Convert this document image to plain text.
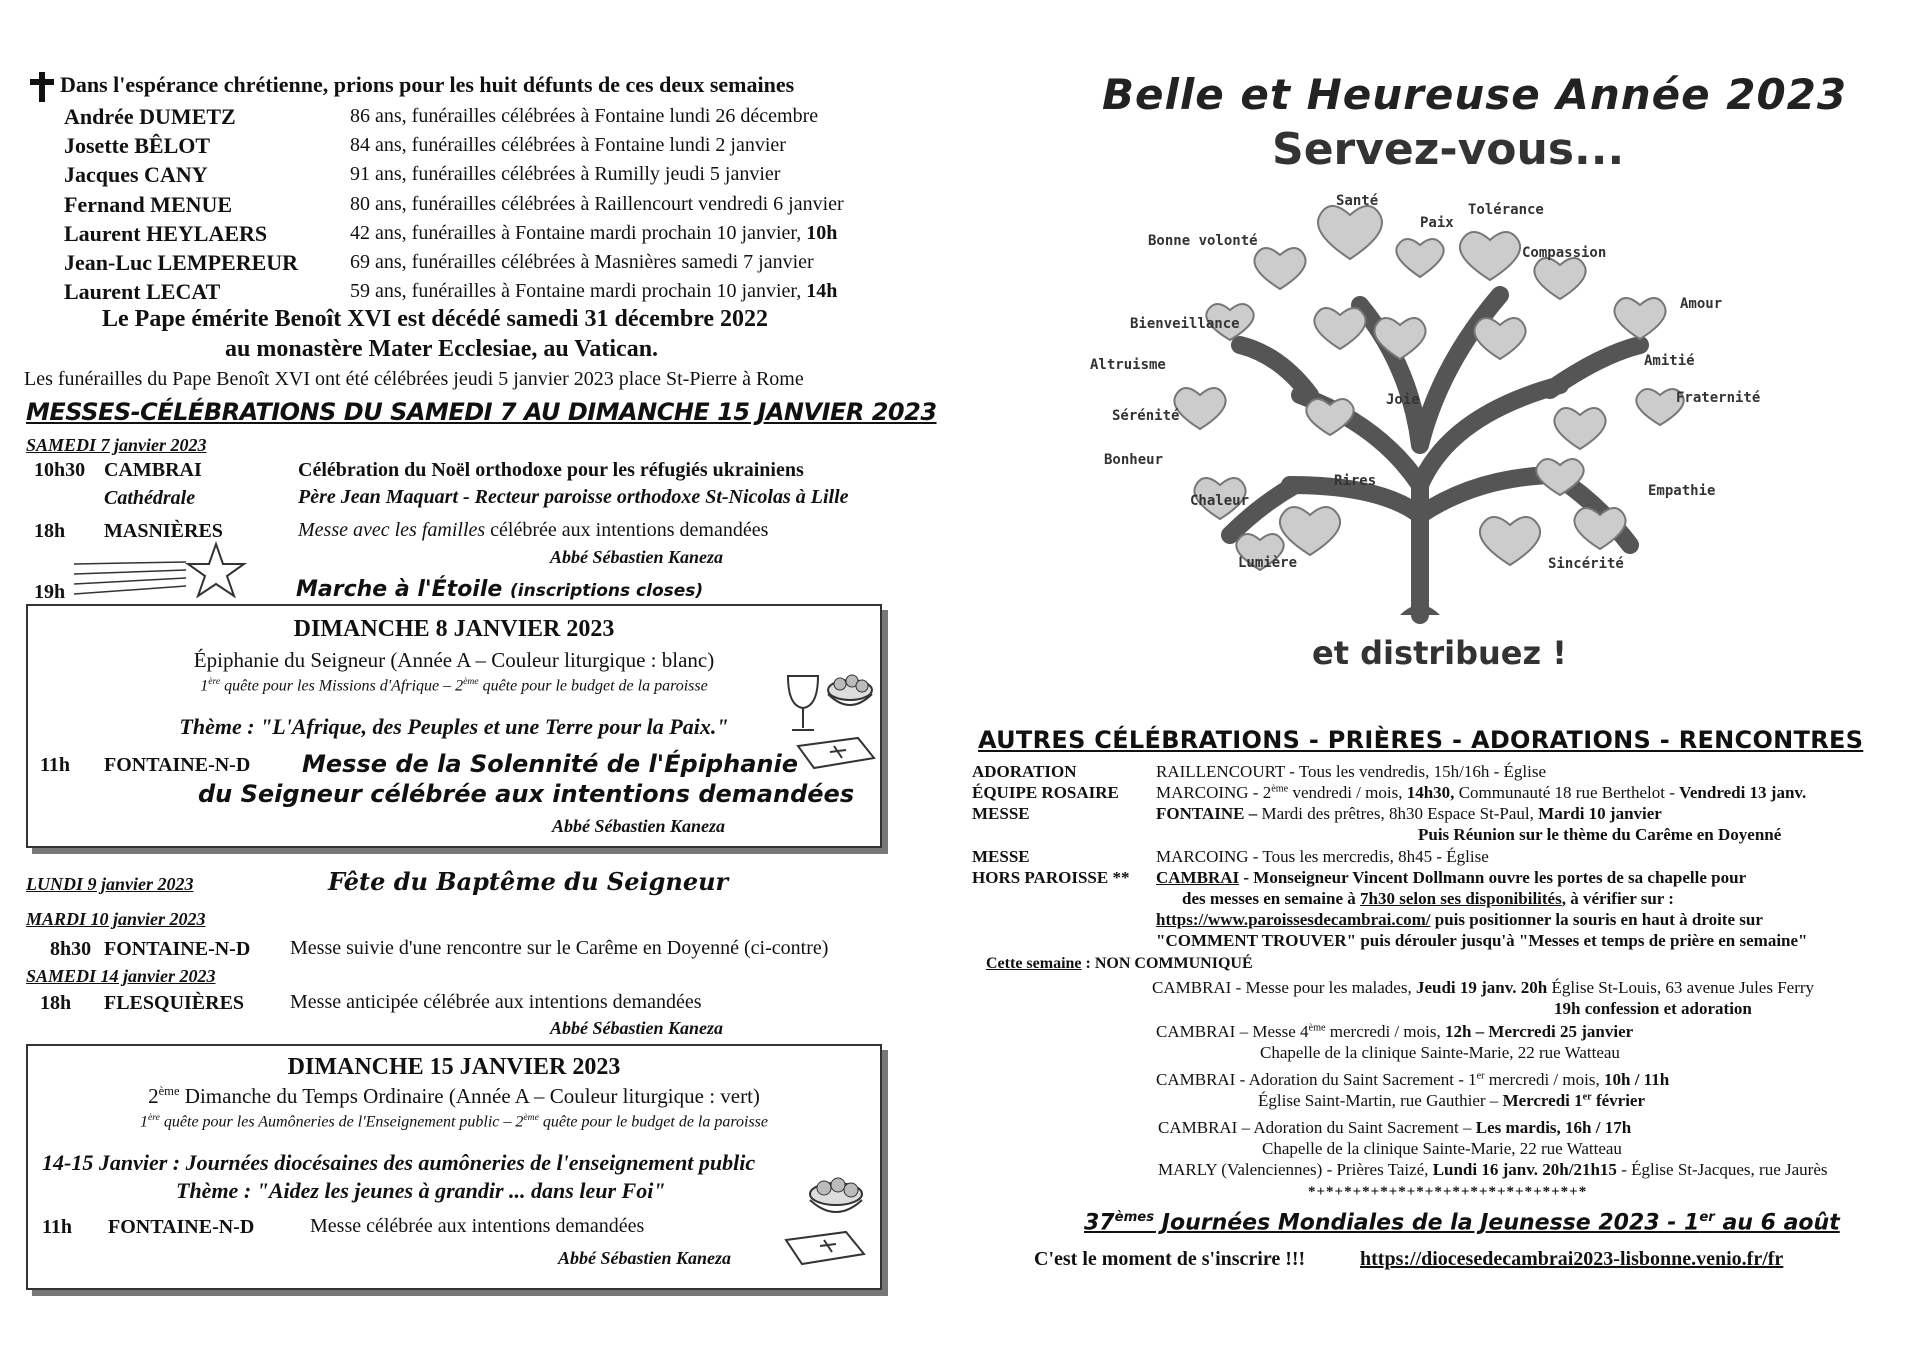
Dans l'espérance chrétienne, prions pour les huit défunts de ces deux semaines
Andrée DUMETZ	86 ans, funérailles célébrées à Fontaine lundi 26 décembre
Josette BÊLOT	84 ans, funérailles célébrées à Fontaine lundi 2 janvier
Jacques CANY	91 ans, funérailles célébrées à Rumilly jeudi 5 janvier
Fernand MENUE	80 ans, funérailles célébrées à Raillencourt vendredi 6 janvier
Laurent HEYLAERS	42 ans, funérailles à Fontaine mardi prochain 10 janvier, 10h
Jean-Luc LEMPEREUR	69 ans, funérailles célébrées à Masnières samedi 7 janvier
Laurent LECAT	59 ans, funérailles à Fontaine mardi prochain 10 janvier, 14h
Le Pape émérite Benoît XVI est décédé samedi 31 décembre 2022
au monastère Mater Ecclesiae, au Vatican.
Les funérailles du Pape Benoît XVI ont été célébrées jeudi 5 janvier 2023 place St-Pierre à Rome
MESSES-CÉLÉBRATIONS DU SAMEDI 7 AU DIMANCHE 15 JANVIER 2023
SAMEDI 7 janvier 2023
10h30 CAMBRAI	Célébration du Noël orthodoxe pour les réfugiés ukrainiens
Cathédrale	Père Jean Maquart - Recteur paroisse orthodoxe St-Nicolas à Lille
18h MASNIÈRES	Messe avec les familles célébrée aux intentions demandées
Abbé Sébastien Kaneza
19h	Marche à l'Étoile (inscriptions closes)
DIMANCHE 8 JANVIER 2023
Épiphanie du Seigneur (Année A – Couleur liturgique : blanc)
1ère quête pour les Missions d'Afrique – 2ème quête pour le budget de la paroisse
Thème : "L'Afrique, des Peuples et une Terre pour la Paix."
11h FONTAINE-N-D Messe de la Solennité de l'Épiphanie
du Seigneur célébrée aux intentions demandées
Abbé Sébastien Kaneza
LUNDI 9 janvier 2023	Fête du Baptême du Seigneur
MARDI 10 janvier 2023
8h30 FONTAINE-N-D Messe suivie d'une rencontre sur le Carême en Doyenné (ci-contre)
SAMEDI 14 janvier 2023
18h FLESQUIÈRES Messe anticipée célébrée aux intentions demandées
Abbé Sébastien Kaneza
DIMANCHE 15 JANVIER 2023
2ème Dimanche du Temps Ordinaire (Année A – Couleur liturgique : vert)
1ère quête pour les Aumôneries de l'Enseignement public – 2ème quête pour le budget de la paroisse
14-15 Janvier : Journées diocésaines des aumôneries de l'enseignement public
Thème : "Aidez les jeunes à grandir ... dans leur Foi"
11h FONTAINE-N-D	Messe célébrée aux intentions demandées
Abbé Sébastien Kaneza
Belle et Heureuse Année 2023
Servez-vous...
Santé
Paix
Tolérance
Bonne volonté
Compassion
Amour
Bienveillance
Altruisme	Amitié
Joie	Fraternité
Sérénité
Bonheur
Rires
Chaleur
Empathie
Lumière	Sincérité
et distribuez !
AUTRES CÉLÉBRATIONS - PRIÈRES - ADORATIONS - RENCONTRES
ADORATION	RAILLENCOURT - Tous les vendredis, 15h/16h - Église
ÉQUIPE ROSAIRE MARCOING - 2ème vendredi / mois, 14h30, Communauté 18 rue Berthelot - Vendredi 13 janv.
MESSE	FONTAINE – Mardi des prêtres, 8h30 Espace St-Paul, Mardi 10 janvier
Puis Réunion sur le thème du Carême en Doyenné
MESSE	MARCOING - Tous les mercredis, 8h45 - Église
HORS PAROISSE ** CAMBRAI - Monseigneur Vincent Dollmann ouvre les portes de sa chapelle pour
des messes en semaine à 7h30 selon ses disponibilités, à vérifier sur :
https://www.paroissesdecambrai.com/ puis positionner la souris en haut à droite sur
"COMMENT TROUVER" puis dérouler jusqu'à "Messes et temps de prière en semaine"
Cette semaine : NON COMMUNIQUÉ
CAMBRAI - Messe pour les malades, Jeudi 19 janv. 20h Église St-Louis, 63 avenue Jules Ferry
19h confession et adoration
CAMBRAI – Messe 4ème mercredi / mois, 12h – Mercredi 25 janvier
Chapelle de la clinique Sainte-Marie, 22 rue Watteau
CAMBRAI - Adoration du Saint Sacrement - 1er mercredi / mois, 10h / 11h
Église Saint-Martin, rue Gauthier – Mercredi 1er février
CAMBRAI – Adoration du Saint Sacrement – Les mardis, 16h / 17h
Chapelle de la clinique Sainte-Marie, 22 rue Watteau
MARLY (Valenciennes) - Prières Taizé, Lundi 16 janv. 20h/21h15 - Église St-Jacques, rue Jaurès
*+*+*+*+*+*+*+*+*+*+*+*+*+*+*+*
37èmes Journées Mondiales de la Jeunesse 2023 - 1er au 6 août
C'est le moment de s'inscrire !!!	https://diocesedecambrai2023-lisbonne.venio.fr/fr
